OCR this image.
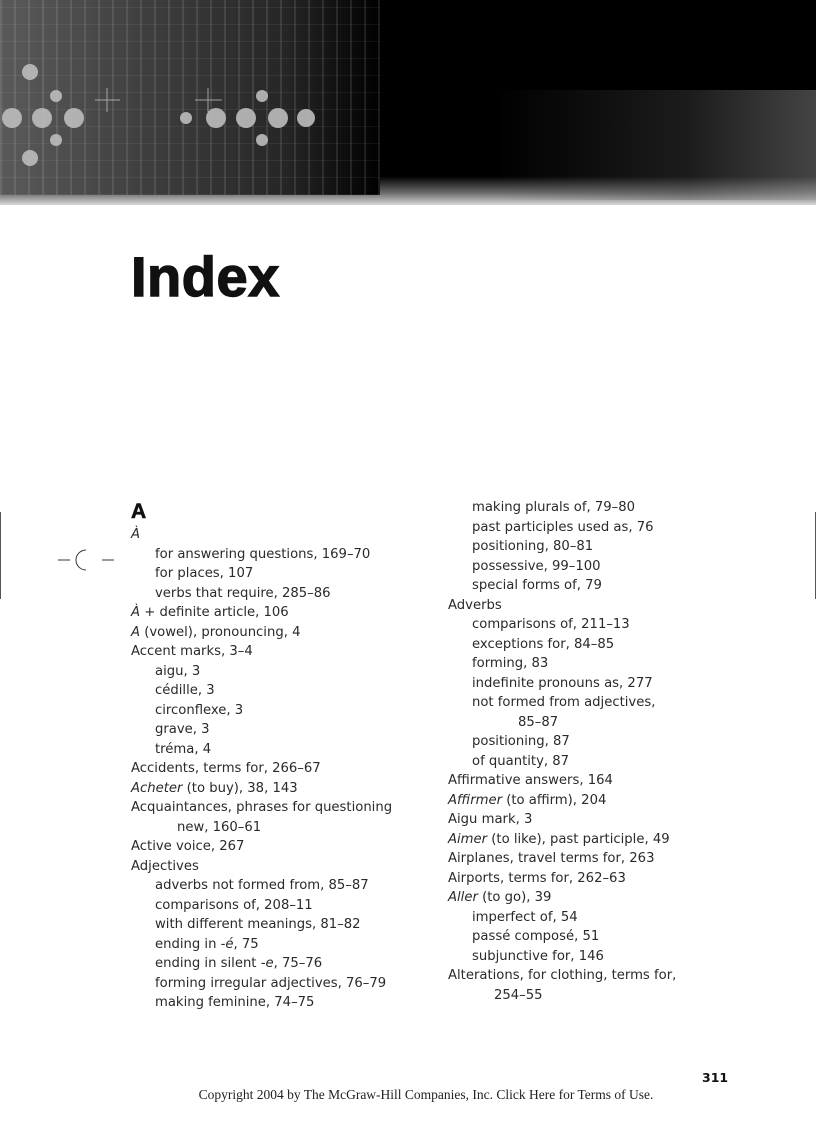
Index
A
À
for answering questions, 169–70
for places, 107
verbs that require, 285–86
À + definite article, 106
A (vowel), pronouncing, 4
Accent marks, 3–4
aigu, 3
cédille, 3
circonflexe, 3
grave, 3
tréma, 4
Accidents, terms for, 266–67
Acheter (to buy), 38, 143
Acquaintances, phrases for questioning
new, 160–61
Active voice, 267
Adjectives
adverbs not formed from, 85–87
comparisons of, 208–11
with different meanings, 81–82
ending in -é, 75
ending in silent -e, 75–76
forming irregular adjectives, 76–79
making feminine, 74–75
making plurals of, 79–80
past participles used as, 76
positioning, 80–81
possessive, 99–100
special forms of, 79
Adverbs
comparisons of, 211–13
exceptions for, 84–85
forming, 83
indefinite pronouns as, 277
not formed from adjectives,
85–87
positioning, 87
of quantity, 87
Affirmative answers, 164
Affirmer (to affirm), 204
Aigu mark, 3
Aimer (to like), past participle, 49
Airplanes, travel terms for, 263
Airports, terms for, 262–63
Aller (to go), 39
imperfect of, 54
passé composé, 51
subjunctive for, 146
Alterations, for clothing, terms for,
254–55
311
Copyright 2004 by The McGraw-Hill Companies, Inc. Click Here for Terms of Use.
